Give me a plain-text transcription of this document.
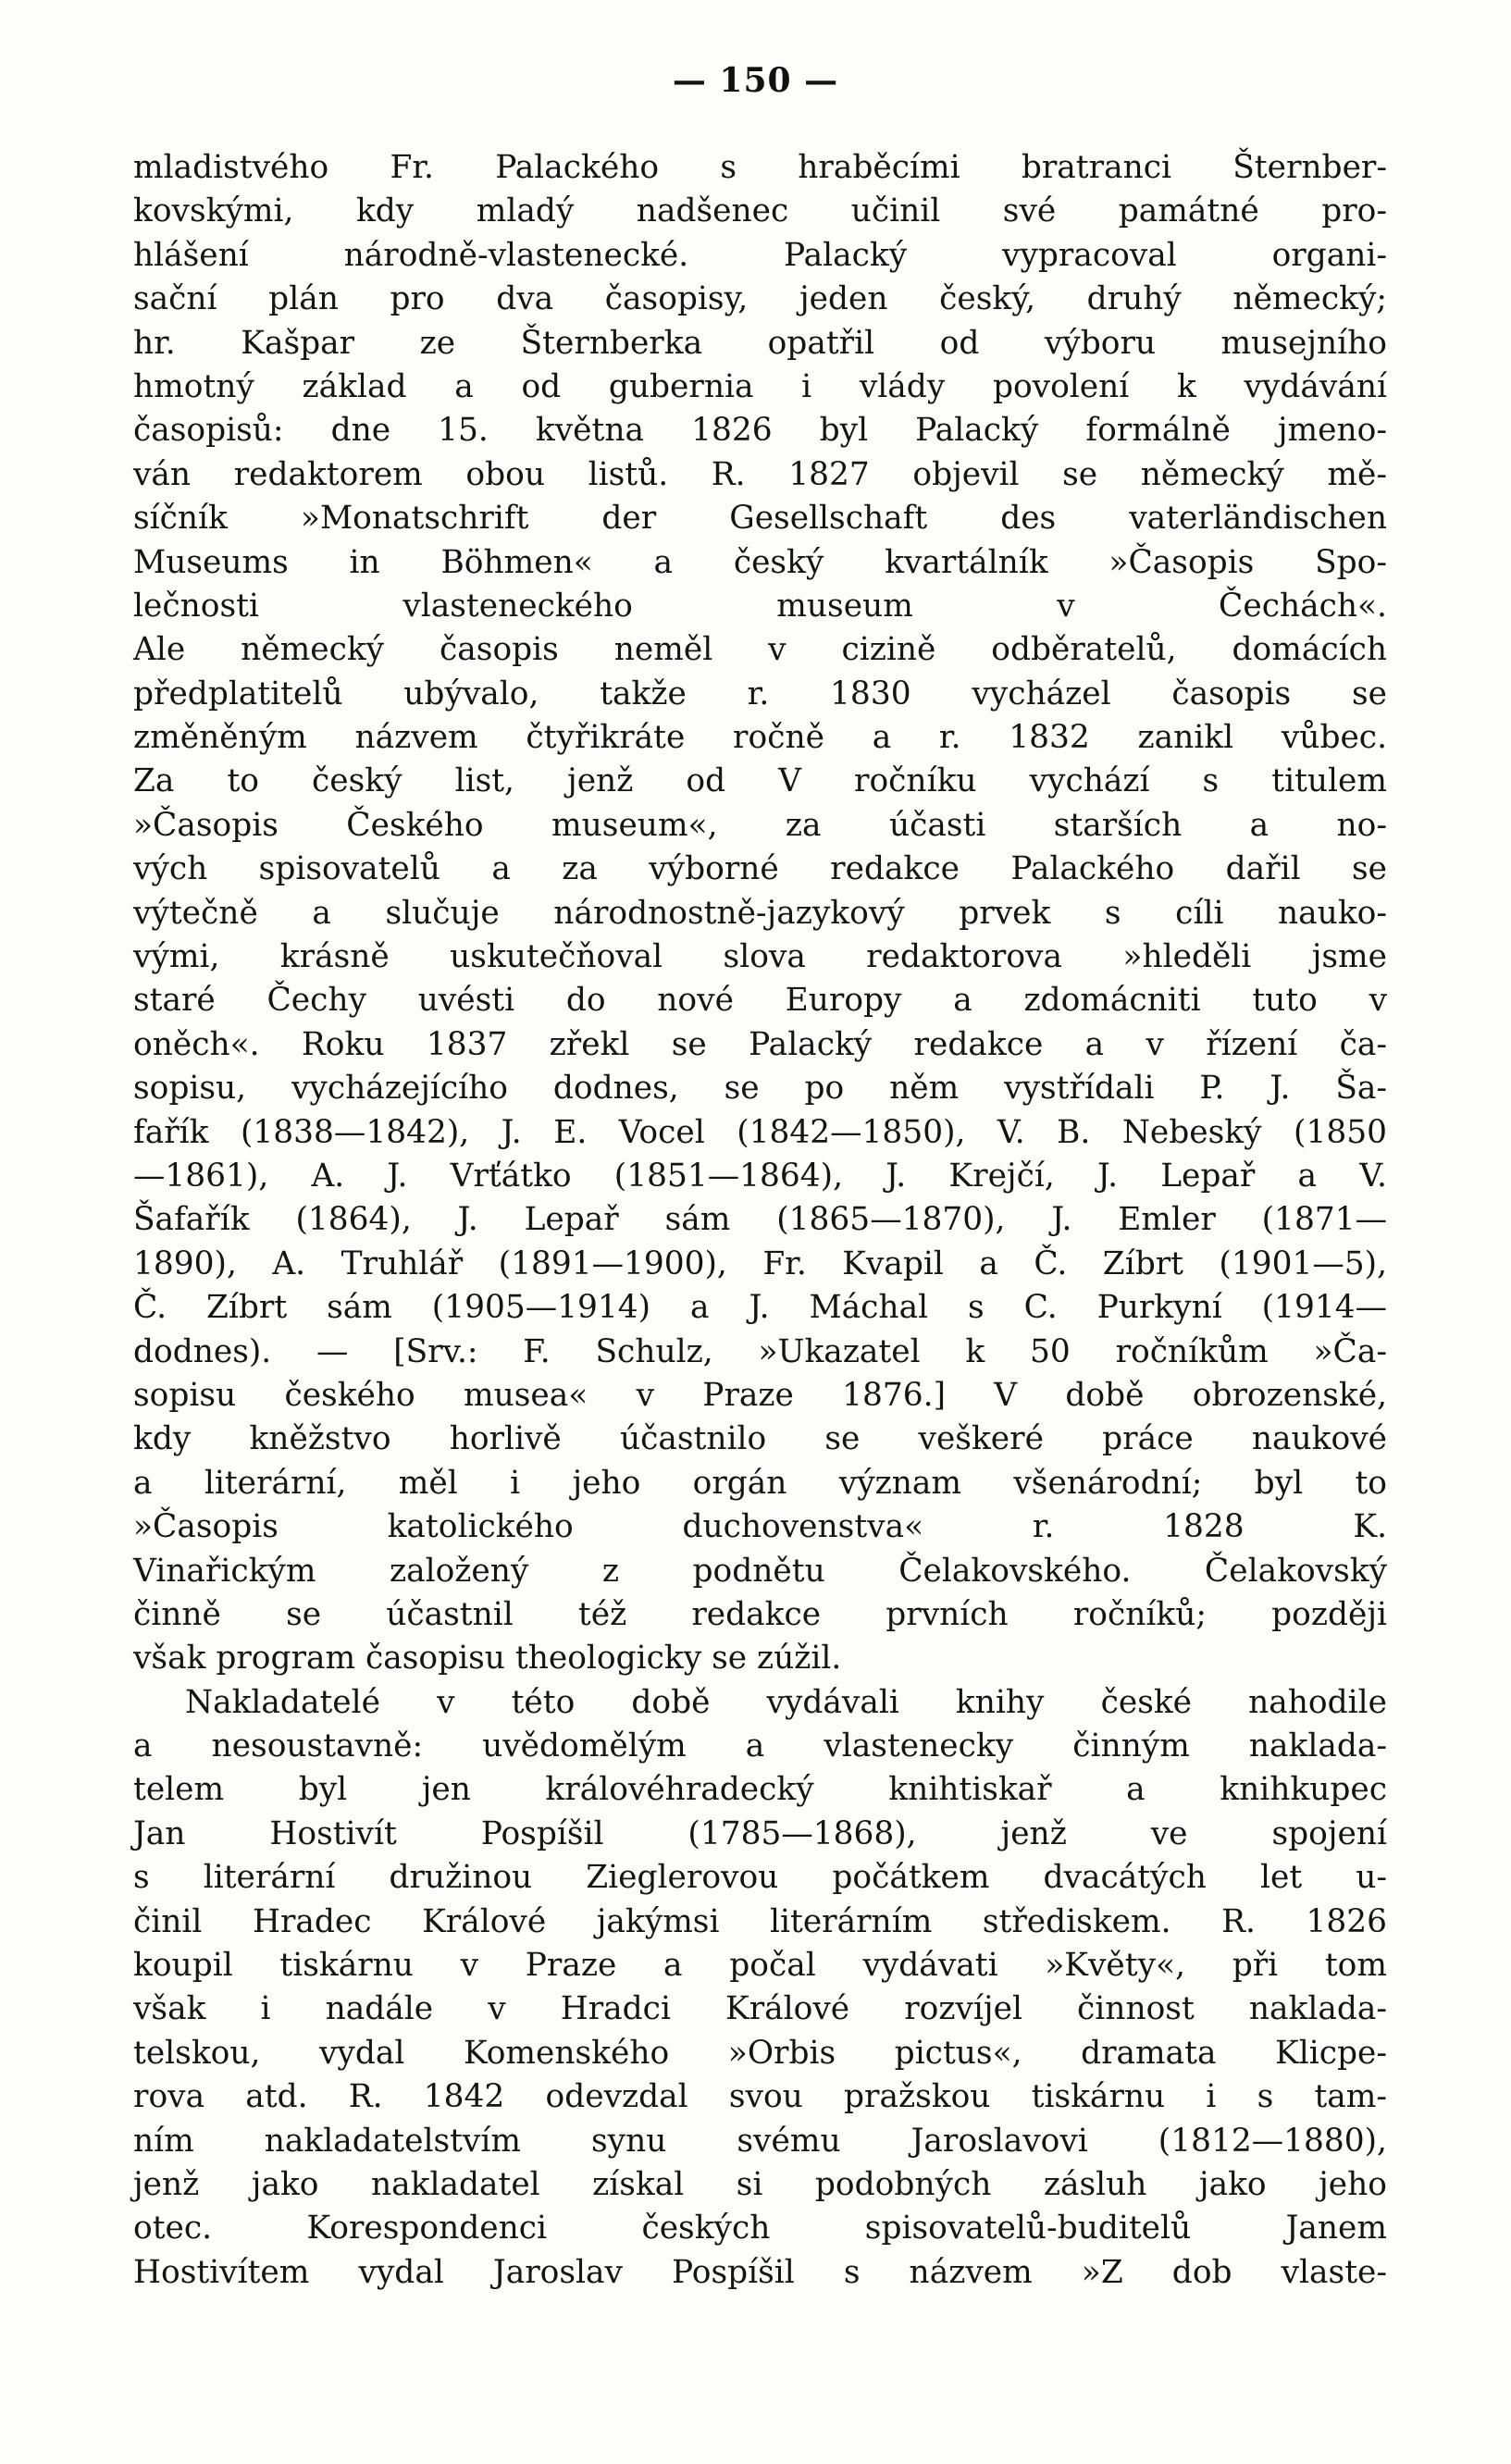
— 150 —
mladistvého Fr. Palackého s hraběcími bratranci Šternber-
kovskými, kdy mladý nadšenec učinil své památné pro-
hlášení národně-vlastenecké. Palacký vypracoval organi-
sační plán pro dva časopisy, jeden český, druhý německý;
hr. Kašpar ze Šternberka opatřil od výboru musejního
hmotný základ a od gubernia i vlády povolení k vydávání
časopisů: dne 15. května 1826 byl Palacký formálně jmeno-
ván redaktorem obou listů. R. 1827 objevil se německý mě-
síčník »Monatschrift der Gesellschaft des vaterländischen
Museums in Böhmen« a český kvartálník »Časopis Spo-
lečnosti vlasteneckého museum v Čechách«.
Ale německý časopis neměl v cizině odběratelů, domácích
předplatitelů ubývalo, takže r. 1830 vycházel časopis se
změněným názvem čtyřikráte ročně a r. 1832 zanikl vůbec.
Za to český list, jenž od V ročníku vychází s titulem
»Časopis Českého museum«, za účasti starších a no-
vých spisovatelů a za výborné redakce Palackého dařil se
výtečně a slučuje národnostně-jazykový prvek s cíli nauko-
vými, krásně uskutečňoval slova redaktorova »hleděli jsme
staré Čechy uvésti do nové Europy a zdomácniti tuto v
oněch«. Roku 1837 zřekl se Palacký redakce a v řízení ča-
sopisu, vycházejícího dodnes, se po něm vystřídali P. J. Ša-
fařík (1838—1842), J. E. Vocel (1842—1850), V. B. Nebeský (1850
—1861), A. J. Vrťátko (1851—1864), J. Krejčí, J. Lepař a V.
Šafařík (1864), J. Lepař sám (1865—1870), J. Emler (1871—
1890), A. Truhlář (1891—1900), Fr. Kvapil a Č. Zíbrt (1901—5),
Č. Zíbrt sám (1905—1914) a J. Máchal s C. Purkyní (1914—
dodnes). — [Srv.: F. Schulz, »Ukazatel k 50 ročníkům »Ča-
sopisu českého musea« v Praze 1876.] V době obrozenské,
kdy kněžstvo horlivě účastnilo se veškeré práce naukové
a literární, měl i jeho orgán význam všenárodní; byl to
»Časopis katolického duchovenstva« r. 1828 K.
Vinařickým založený z podnětu Čelakovského. Čelakovský
činně se účastnil též redakce prvních ročníků; později
však program časopisu theologicky se zúžil.
Nakladatelé v této době vydávali knihy české nahodile
a nesoustavně: uvědomělým a vlastenecky činným naklada-
telem byl jen královéhradecký knihtiskař a knihkupec
Jan Hostivít Pospíšil (1785—1868), jenž ve spojení
s literární družinou Zieglerovou počátkem dvacátých let u-
činil Hradec Králové jakýmsi literárním střediskem. R. 1826
koupil tiskárnu v Praze a počal vydávati »Květy«, při tom
však i nadále v Hradci Králové rozvíjel činnost naklada-
telskou, vydal Komenského »Orbis pictus«, dramata Klicpe-
rova atd. R. 1842 odevzdal svou pražskou tiskárnu i s tam-
ním nakladatelstvím synu svému Jaroslavovi (1812—1880),
jenž jako nakladatel získal si podobných zásluh jako jeho
otec. Korespondenci českých spisovatelů-buditelů Janem
Hostivítem vydal Jaroslav Pospíšil s názvem »Z dob vlaste-
